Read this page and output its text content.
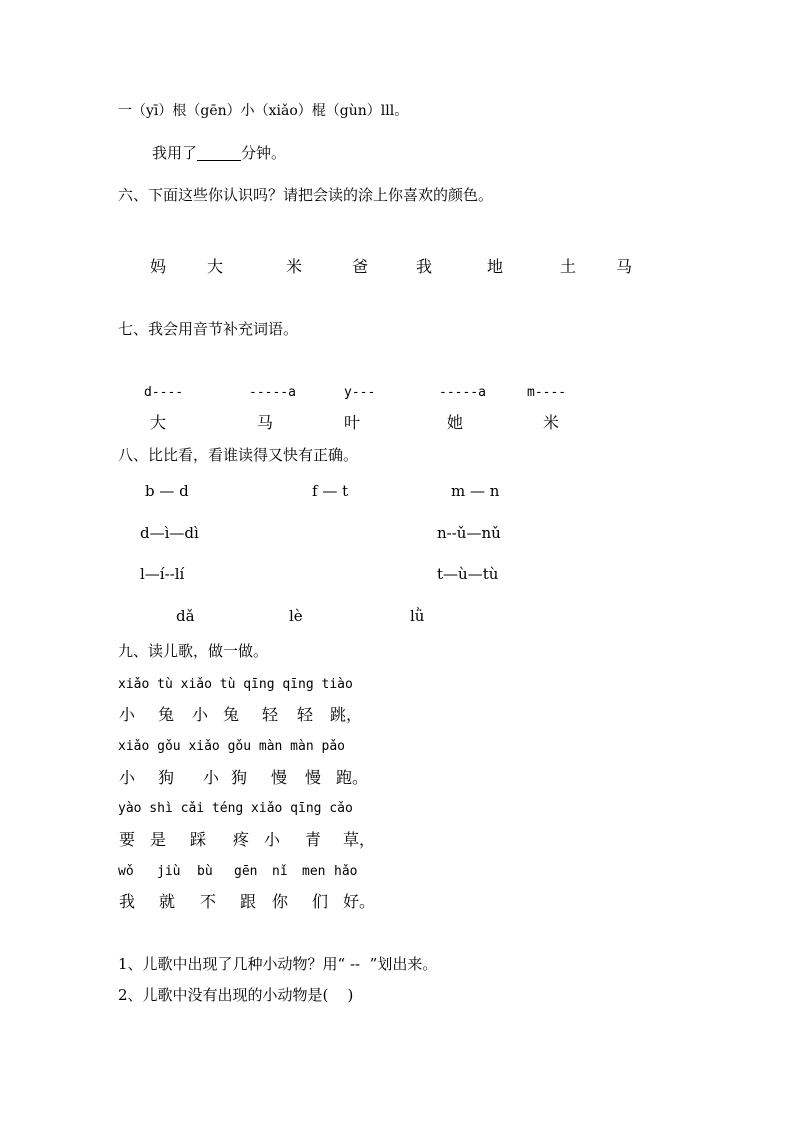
一（yī）根（gēn）小（xiǎo）棍（gùn）lll。
我用了	分钟。
六、下面这些你认识吗？请把会读的涂上你喜欢的颜色。
妈	大	米	爸	我	地	土 马
七、我会用音节补充词语。
d----	-----a	y---	-----a	m----
大	马	叶	她	米
八、比比看，看谁读得又快有正确。
b — d	f — t	m — n
d—ì—dì	n--ǔ—nǔ
l—í--lí	t—ù—tù
dǎ	lè	lǜ
九、读儿歌，做一做。
xiǎo tù xiǎo tù qīng qīng tiào
小 兔 小 兔 轻 轻 跳，
xiǎo gǒu xiǎo gǒu màn màn pǎo
小 狗 小 狗 慢 慢 跑。
yào shì cǎi téng xiǎo qīng cǎo
要 是 踩 疼 小 青 草，
wǒ jiù bù gēn nǐ men hǎo
我 就 不 跟 你 们 好。
1、儿歌中出现了几种小动物？用“ --  ”划出来。
2、儿歌中没有出现的小动物是(    )
